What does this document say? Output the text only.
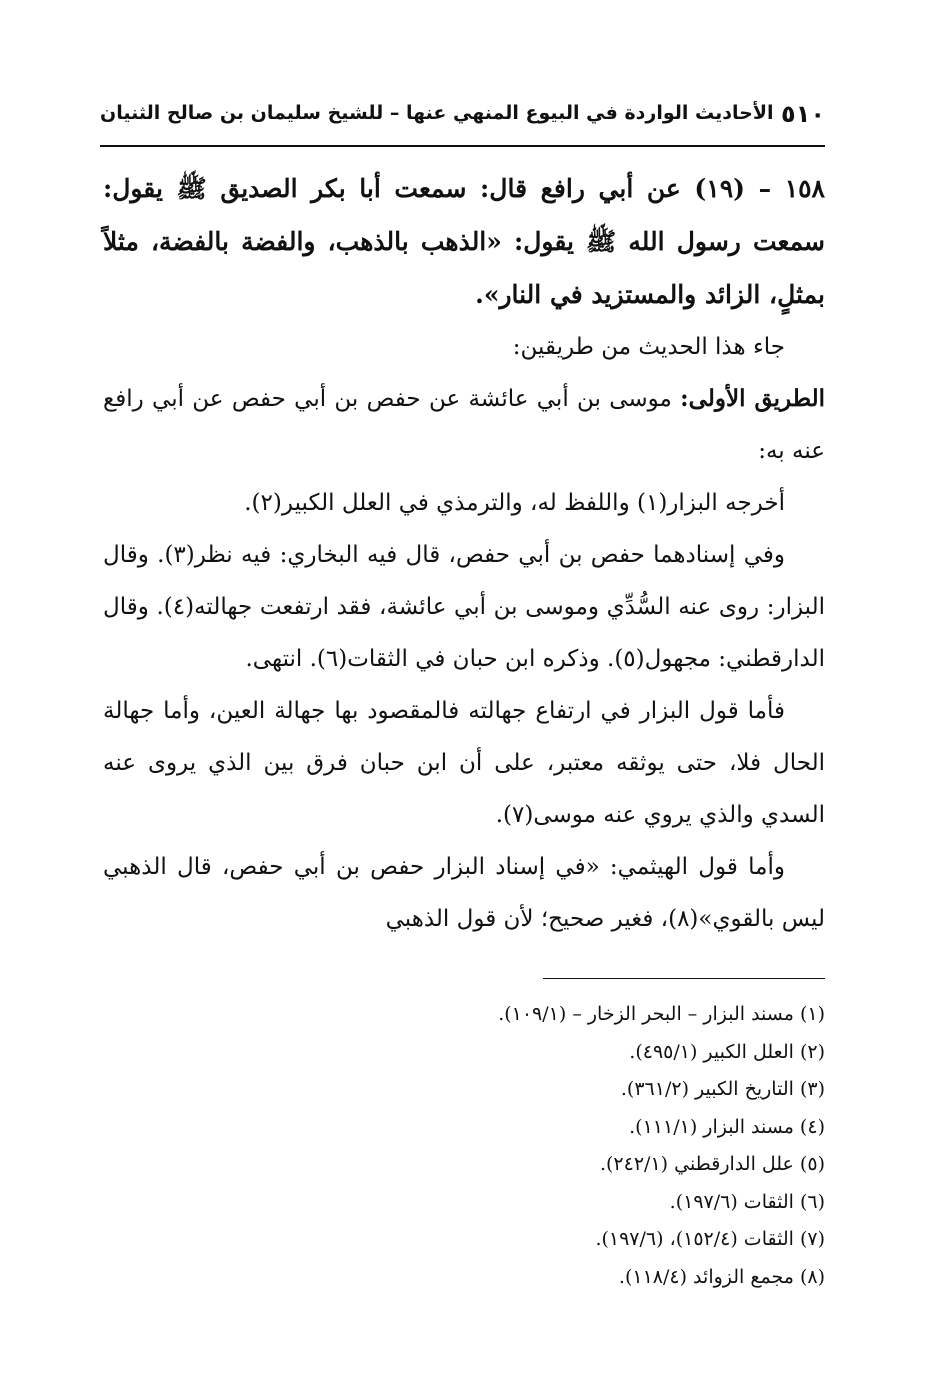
٥١٠
الأحاديث الواردة في البيوع المنهي عنها – للشيخ سليمان بن صالح الثنيان

١٥٨ – (١٩) عن أبي رافع قال: سمعت أبا بكر الصديق ﷺ يقول: سمعت رسول الله ﷺ يقول: «الذهب بالذهب، والفضة بالفضة، مثلاً بمثلٍ، الزائد والمستزيد في النار».

جاء هذا الحديث من طريقين:

الطريق الأولى: موسى بن أبي عائشة عن حفص بن أبي حفص عن أبي رافع عنه به:

أخرجه البزار(١) واللفظ له، والترمذي في العلل الكبير(٢).

وفي إسنادهما حفص بن أبي حفص، قال فيه البخاري: فيه نظر(٣). وقال البزار: روى عنه السُّدِّي وموسى بن أبي عائشة، فقد ارتفعت جهالته(٤). وقال الدارقطني: مجهول(٥). وذكره ابن حبان في الثقات(٦). انتهى.

فأما قول البزار في ارتفاع جهالته فالمقصود بها جهالة العين، وأما جهالة الحال فلا، حتى يوثقه معتبر، على أن ابن حبان فرق بين الذي يروى عنه السدي والذي يروي عنه موسى(٧).

وأما قول الهيثمي: «في إسناد البزار حفص بن أبي حفص، قال الذهبي ليس بالقوي»(٨)، فغير صحيح؛ لأن قول الذهبي

(١) مسند البزار – البحر الزخار – (١٠٩/١).
(٢) العلل الكبير (٤٩٥/١).
(٣) التاريخ الكبير (٣٦١/٢).
(٤) مسند البزار (١١١/١).
(٥) علل الدارقطني (٢٤٢/١).
(٦) الثقات (١٩٧/٦).
(٧) الثقات (١٥٢/٤)، (١٩٧/٦).
(٨) مجمع الزوائد (١١٨/٤).
